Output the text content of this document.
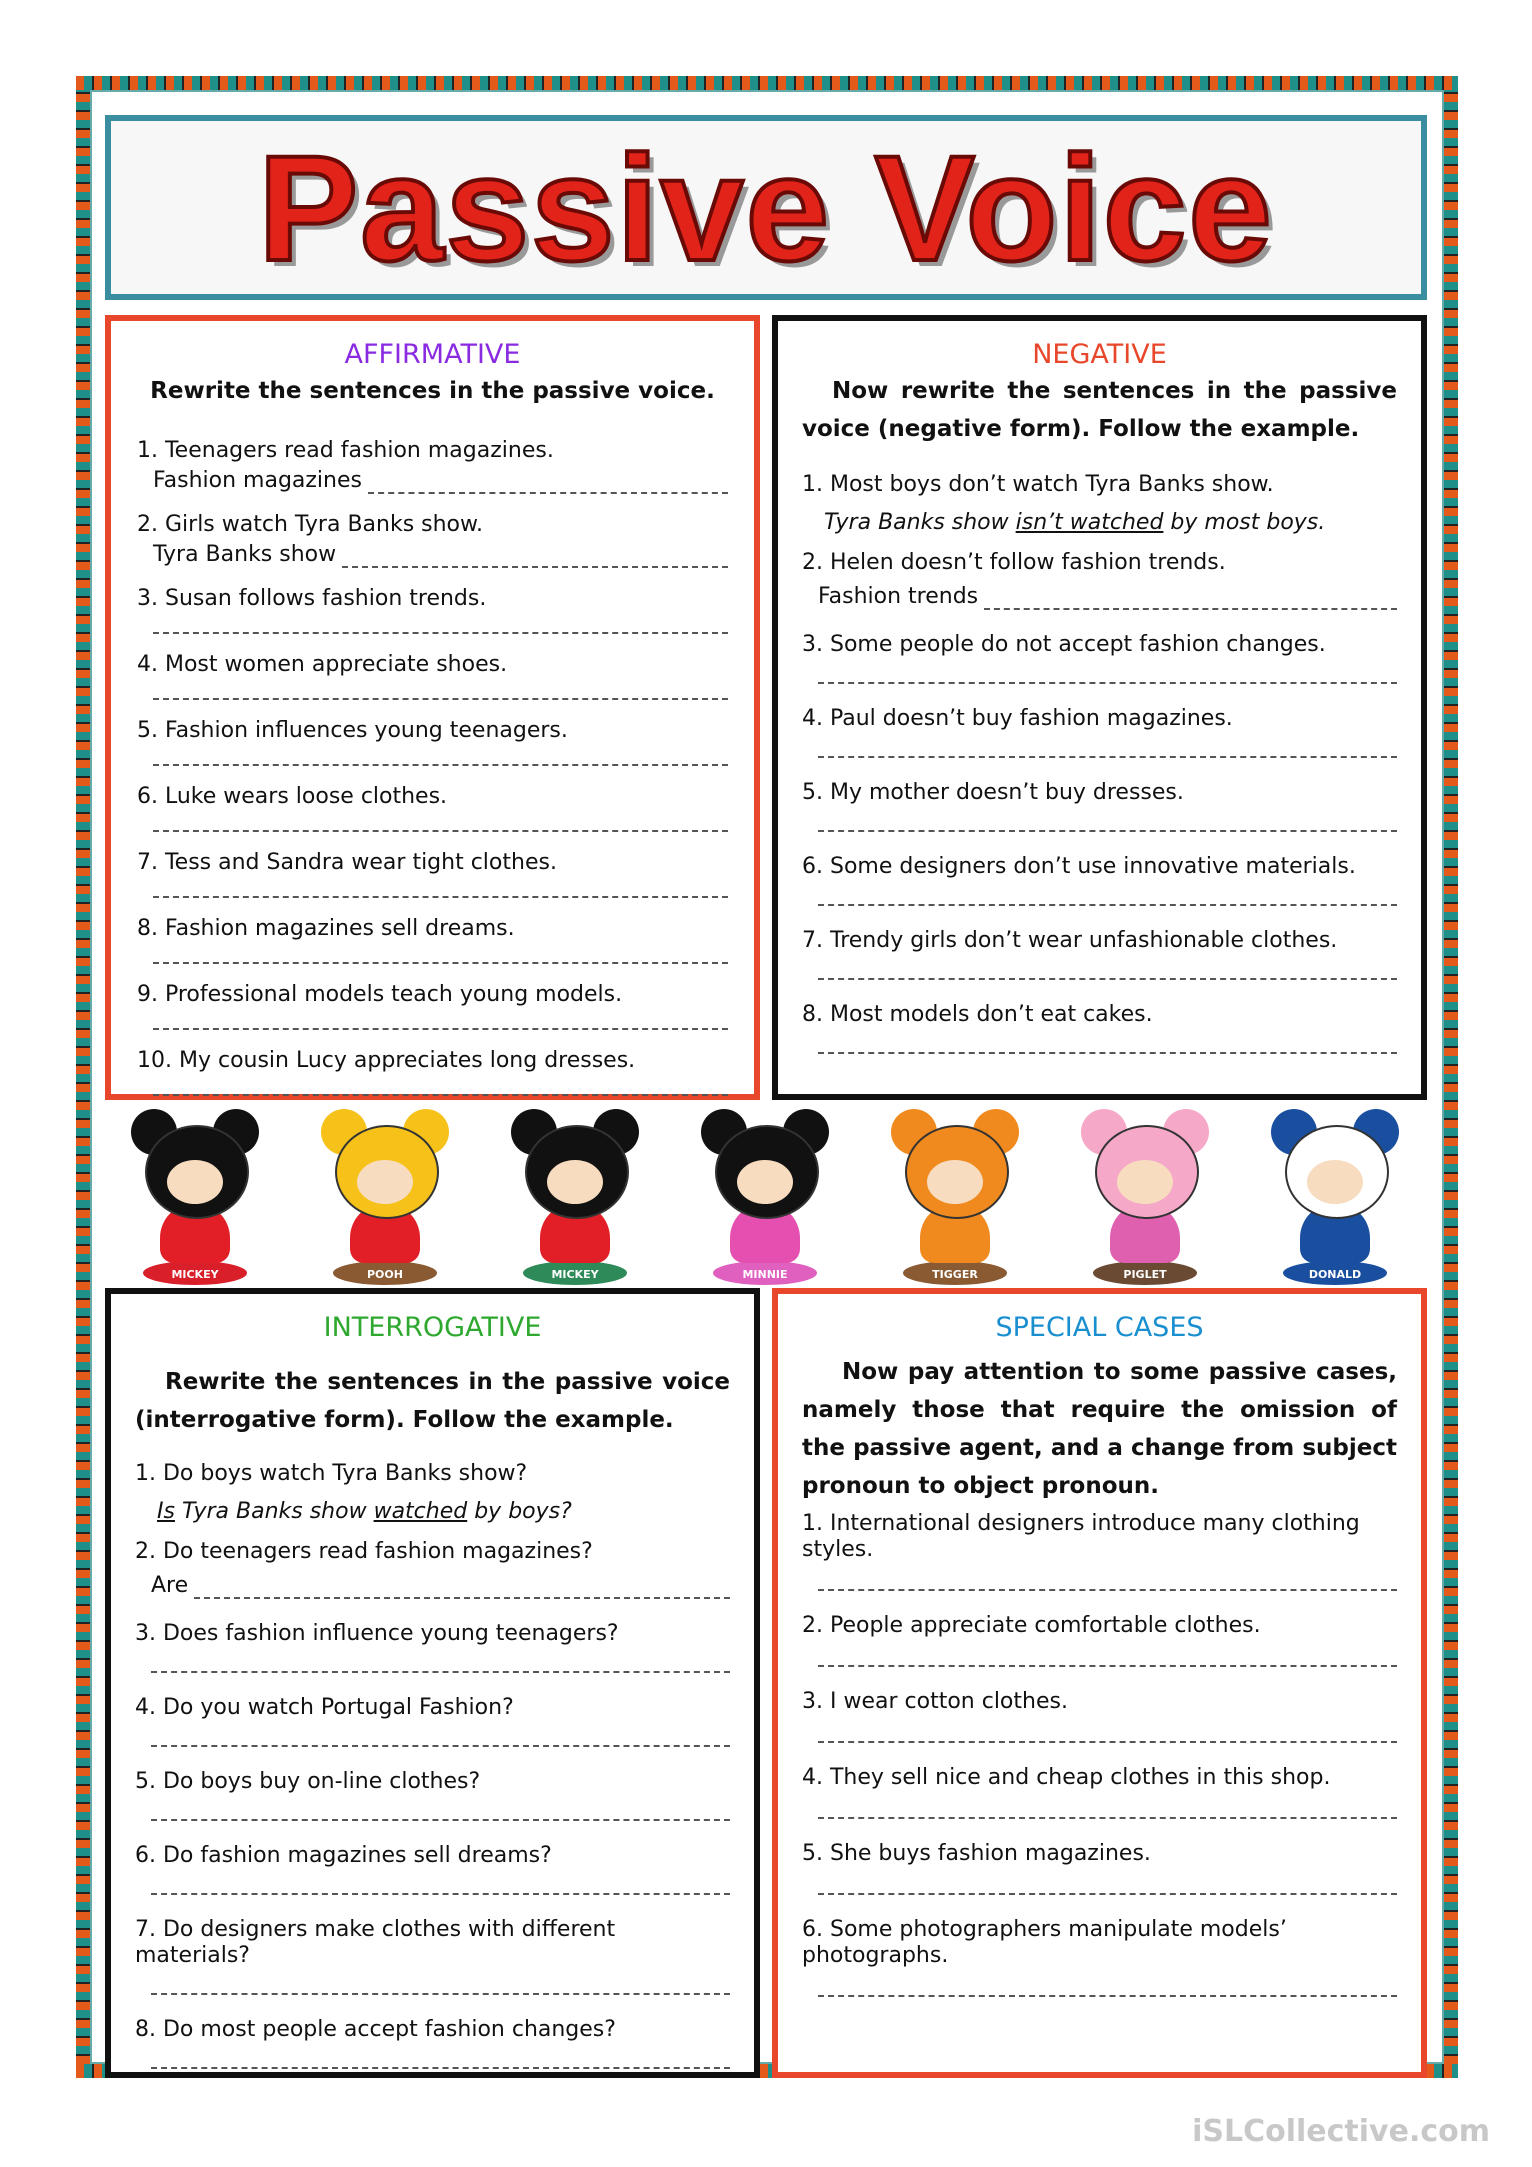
Passive Voice
AFFIRMATIVE
Rewrite the sentences in the passive voice.
1. Teenagers read fashion magazines.
Fashion magazines
2. Girls watch Tyra Banks show.
Tyra Banks show
3. Susan follows fashion trends.
4. Most women appreciate shoes.
5. Fashion influences young teenagers.
6. Luke wears loose clothes.
7. Tess and Sandra wear tight clothes.
8. Fashion magazines sell dreams.
9. Professional models teach young models.
10. My cousin Lucy appreciates long dresses.
NEGATIVE
Now rewrite the sentences in the passive voice (negative form). Follow the example.
1. Most boys don’t watch Tyra Banks show.
Tyra Banks show isn’t watched by most boys.
2. Helen doesn’t follow fashion trends.
Fashion trends
3. Some people do not accept fashion changes.
4. Paul doesn’t buy fashion magazines.
5. My mother doesn’t buy dresses.
6. Some designers don’t use innovative materials.
7. Trendy girls don’t wear unfashionable clothes.
8. Most models don’t eat cakes.
MICKEY	POOH	MICKEY	MINNIE	TIGGER	PIGLET	DONALD
INTERROGATIVE
Rewrite the sentences in the passive voice (interrogative form). Follow the example.
1. Do boys watch Tyra Banks show?
Is Tyra Banks show watched by boys?
2. Do teenagers read fashion magazines?
Are
3. Does fashion influence young teenagers?
4. Do you watch Portugal Fashion?
5. Do boys buy on-line clothes?
6. Do fashion magazines sell dreams?
7. Do designers make clothes with different materials?
8. Do most people accept fashion changes?
SPECIAL CASES
Now pay attention to some passive cases, namely those that require the omission of the passive agent, and a change from subject pronoun to object pronoun.
1. International designers introduce many clothing styles.
2. People appreciate comfortable clothes.
3. I wear cotton clothes.
4. They sell nice and cheap clothes in this shop.
5. She buys fashion magazines.
6. Some photographers manipulate models’ photographs.
iSLCollective.com
